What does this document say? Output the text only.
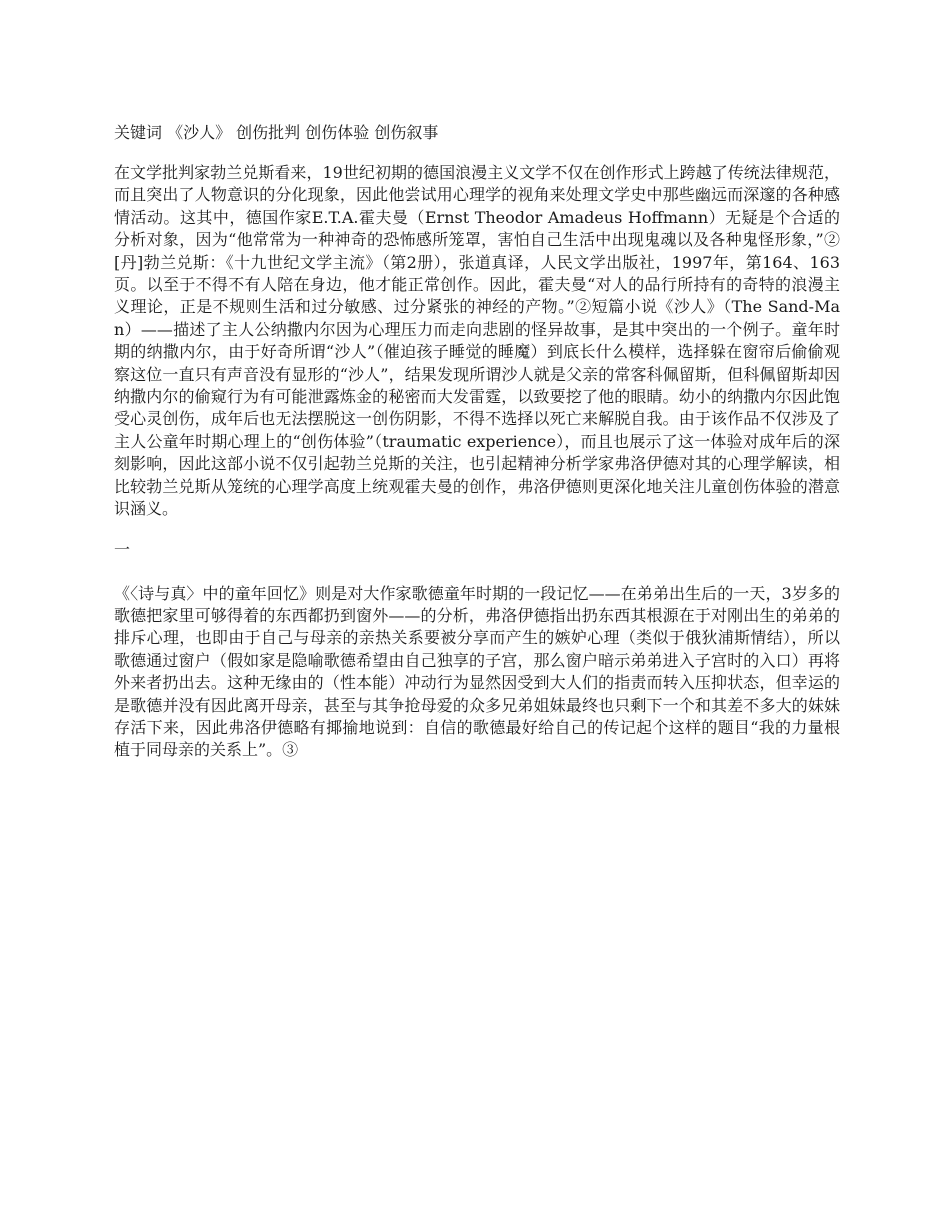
关键词 《沙人》 创伤批判 创伤体验 创伤叙事

在文学批判家勃兰兑斯看来，19世纪初期的德国浪漫主义文学不仅在创作形式上跨越了传统法律规范，而且突出了人物意识的分化现象，因此他尝试用心理学的视角来处理文学史中那些幽远而深邃的各种感情活动。这其中，德国作家E.T.A.霍夫曼（Ernst Theodor Amadeus Hoffmann）无疑是个合适的分析对象，因为“他常常为一种神奇的恐怖感所笼罩，害怕自己生活中出现鬼魂以及各种鬼怪形象，”②[丹]勃兰兑斯：《十九世纪文学主流》（第2册），张道真译，人民文学出版社，1997年，第164、163页。以至于不得不有人陪在身边，他才能正常创作。因此，霍夫曼“对人的品行所持有的奇特的浪漫主义理论，正是不规则生活和过分敏感、过分紧张的神经的产物。”②短篇小说《沙人》（The Sand-Man）——描述了主人公纳撒内尔因为心理压力而走向悲剧的怪异故事，是其中突出的一个例子。童年时期的纳撒内尔，由于好奇所谓“沙人”（催迫孩子睡觉的睡魔）到底长什么模样，选择躲在窗帘后偷偷观察这位一直只有声音没有显形的“沙人”，结果发现所谓沙人就是父亲的常客科佩留斯，但科佩留斯却因纳撒内尔的偷窥行为有可能泄露炼金的秘密而大发雷霆，以致要挖了他的眼睛。幼小的纳撒内尔因此饱受心灵创伤，成年后也无法摆脱这一创伤阴影，不得不选择以死亡来解脱自我。由于该作品不仅涉及了主人公童年时期心理上的“创伤体验”（traumatic experience），而且也展示了这一体验对成年后的深刻影响，因此这部小说不仅引起勃兰兑斯的关注，也引起精神分析学家弗洛伊德对其的心理学解读，相比较勃兰兑斯从笼统的心理学高度上统观霍夫曼的创作，弗洛伊德则更深化地关注儿童创伤体验的潜意识涵义。

一

《〈诗与真〉中的童年回忆》则是对大作家歌德童年时期的一段记忆——在弟弟出生后的一天，3岁多的歌德把家里可够得着的东西都扔到窗外——的分析，弗洛伊德指出扔东西其根源在于对刚出生的弟弟的排斥心理，也即由于自己与母亲的亲热关系要被分享而产生的嫉妒心理（类似于俄狄浦斯情结），所以歌德通过窗户（假如家是隐喻歌德希望由自己独享的子宫，那么窗户暗示弟弟进入子宫时的入口）再将外来者扔出去。这种无缘由的（性本能）冲动行为显然因受到大人们的指责而转入压抑状态，但幸运的是歌德并没有因此离开母亲，甚至与其争抢母爱的众多兄弟姐妹最终也只剩下一个和其差不多大的妹妹存活下来，因此弗洛伊德略有揶揄地说到：自信的歌德最好给自己的传记起个这样的题目“我的力量根植于同母亲的关系上”。③
